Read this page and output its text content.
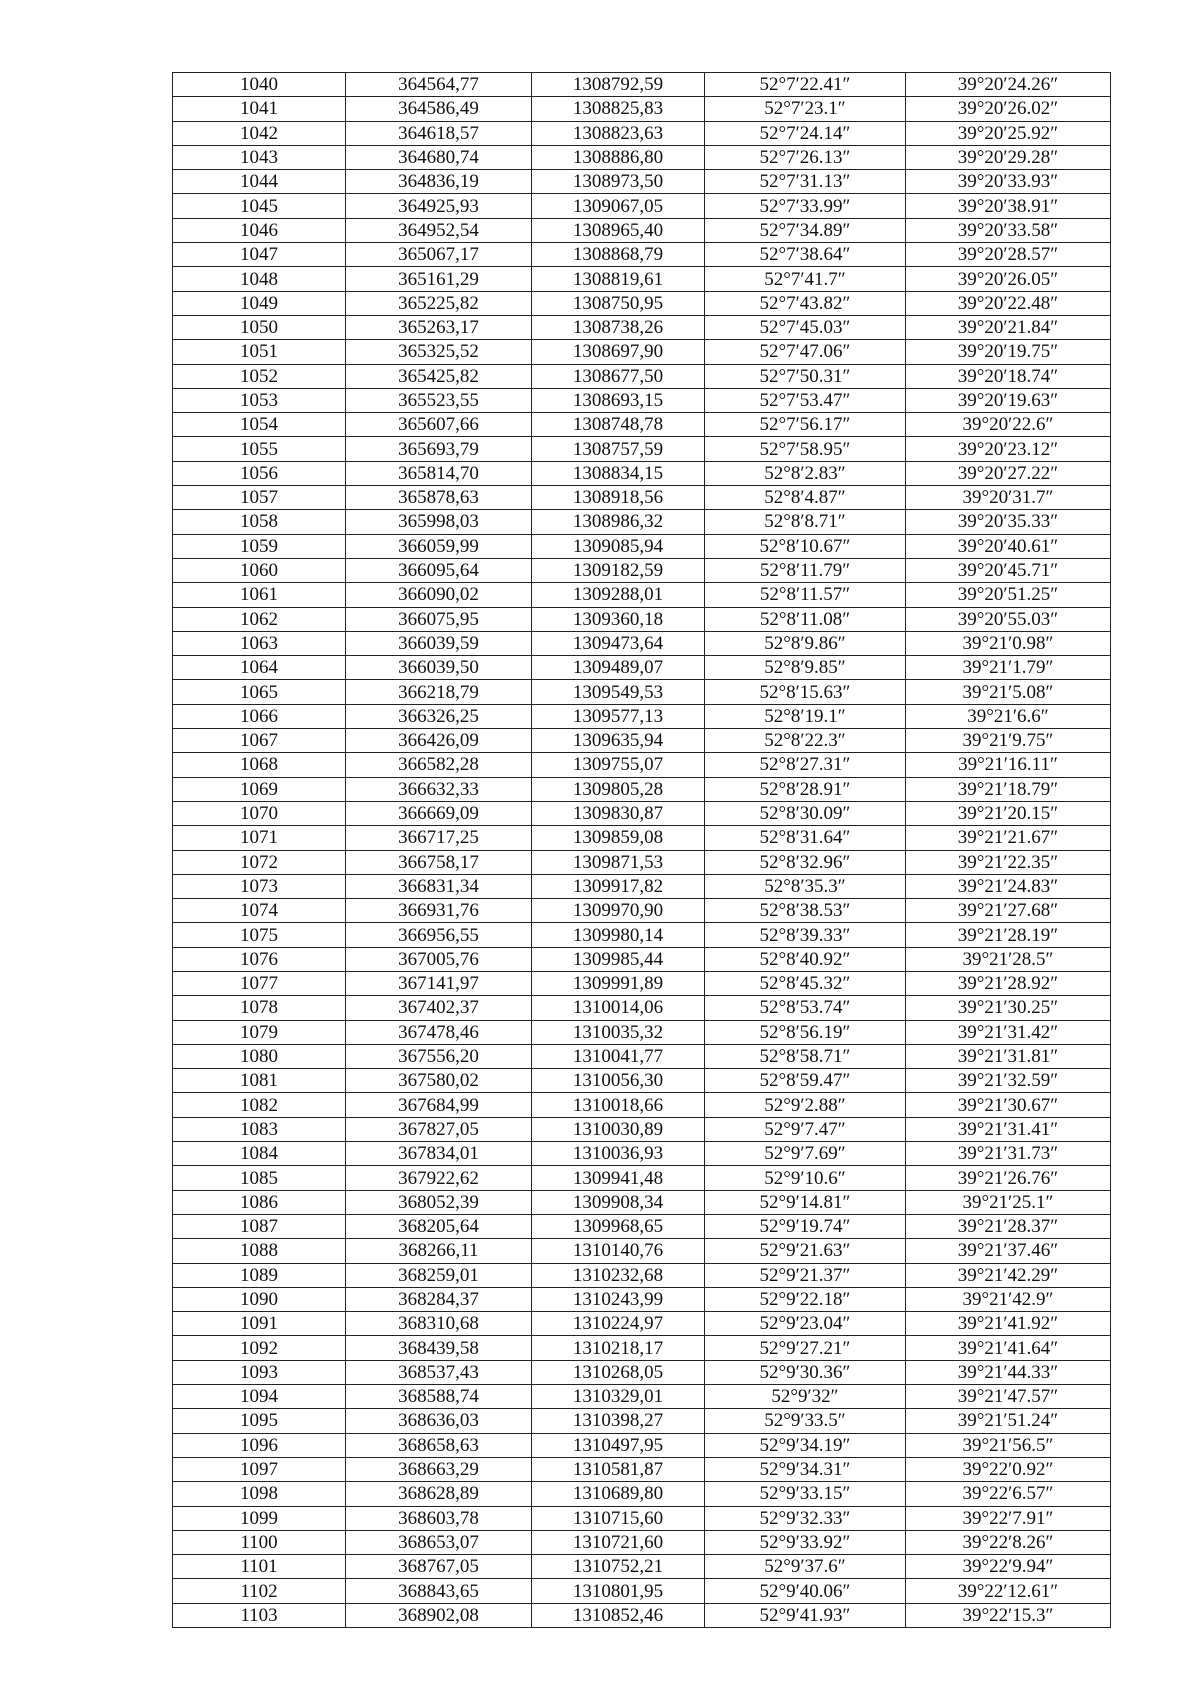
1040	364564,77	1308792,59	52°7′22.41″	39°20′24.26″
1041	364586,49	1308825,83	52°7′23.1″	39°20′26.02″
1042	364618,57	1308823,63	52°7′24.14″	39°20′25.92″
1043	364680,74	1308886,80	52°7′26.13″	39°20′29.28″
1044	364836,19	1308973,50	52°7′31.13″	39°20′33.93″
1045	364925,93	1309067,05	52°7′33.99″	39°20′38.91″
1046	364952,54	1308965,40	52°7′34.89″	39°20′33.58″
1047	365067,17	1308868,79	52°7′38.64″	39°20′28.57″
1048	365161,29	1308819,61	52°7′41.7″	39°20′26.05″
1049	365225,82	1308750,95	52°7′43.82″	39°20′22.48″
1050	365263,17	1308738,26	52°7′45.03″	39°20′21.84″
1051	365325,52	1308697,90	52°7′47.06″	39°20′19.75″
1052	365425,82	1308677,50	52°7′50.31″	39°20′18.74″
1053	365523,55	1308693,15	52°7′53.47″	39°20′19.63″
1054	365607,66	1308748,78	52°7′56.17″	39°20′22.6″
1055	365693,79	1308757,59	52°7′58.95″	39°20′23.12″
1056	365814,70	1308834,15	52°8′2.83″	39°20′27.22″
1057	365878,63	1308918,56	52°8′4.87″	39°20′31.7″
1058	365998,03	1308986,32	52°8′8.71″	39°20′35.33″
1059	366059,99	1309085,94	52°8′10.67″	39°20′40.61″
1060	366095,64	1309182,59	52°8′11.79″	39°20′45.71″
1061	366090,02	1309288,01	52°8′11.57″	39°20′51.25″
1062	366075,95	1309360,18	52°8′11.08″	39°20′55.03″
1063	366039,59	1309473,64	52°8′9.86″	39°21′0.98″
1064	366039,50	1309489,07	52°8′9.85″	39°21′1.79″
1065	366218,79	1309549,53	52°8′15.63″	39°21′5.08″
1066	366326,25	1309577,13	52°8′19.1″	39°21′6.6″
1067	366426,09	1309635,94	52°8′22.3″	39°21′9.75″
1068	366582,28	1309755,07	52°8′27.31″	39°21′16.11″
1069	366632,33	1309805,28	52°8′28.91″	39°21′18.79″
1070	366669,09	1309830,87	52°8′30.09″	39°21′20.15″
1071	366717,25	1309859,08	52°8′31.64″	39°21′21.67″
1072	366758,17	1309871,53	52°8′32.96″	39°21′22.35″
1073	366831,34	1309917,82	52°8′35.3″	39°21′24.83″
1074	366931,76	1309970,90	52°8′38.53″	39°21′27.68″
1075	366956,55	1309980,14	52°8′39.33″	39°21′28.19″
1076	367005,76	1309985,44	52°8′40.92″	39°21′28.5″
1077	367141,97	1309991,89	52°8′45.32″	39°21′28.92″
1078	367402,37	1310014,06	52°8′53.74″	39°21′30.25″
1079	367478,46	1310035,32	52°8′56.19″	39°21′31.42″
1080	367556,20	1310041,77	52°8′58.71″	39°21′31.81″
1081	367580,02	1310056,30	52°8′59.47″	39°21′32.59″
1082	367684,99	1310018,66	52°9′2.88″	39°21′30.67″
1083	367827,05	1310030,89	52°9′7.47″	39°21′31.41″
1084	367834,01	1310036,93	52°9′7.69″	39°21′31.73″
1085	367922,62	1309941,48	52°9′10.6″	39°21′26.76″
1086	368052,39	1309908,34	52°9′14.81″	39°21′25.1″
1087	368205,64	1309968,65	52°9′19.74″	39°21′28.37″
1088	368266,11	1310140,76	52°9′21.63″	39°21′37.46″
1089	368259,01	1310232,68	52°9′21.37″	39°21′42.29″
1090	368284,37	1310243,99	52°9′22.18″	39°21′42.9″
1091	368310,68	1310224,97	52°9′23.04″	39°21′41.92″
1092	368439,58	1310218,17	52°9′27.21″	39°21′41.64″
1093	368537,43	1310268,05	52°9′30.36″	39°21′44.33″
1094	368588,74	1310329,01	52°9′32″	39°21′47.57″
1095	368636,03	1310398,27	52°9′33.5″	39°21′51.24″
1096	368658,63	1310497,95	52°9′34.19″	39°21′56.5″
1097	368663,29	1310581,87	52°9′34.31″	39°22′0.92″
1098	368628,89	1310689,80	52°9′33.15″	39°22′6.57″
1099	368603,78	1310715,60	52°9′32.33″	39°22′7.91″
1100	368653,07	1310721,60	52°9′33.92″	39°22′8.26″
1101	368767,05	1310752,21	52°9′37.6″	39°22′9.94″
1102	368843,65	1310801,95	52°9′40.06″	39°22′12.61″
1103	368902,08	1310852,46	52°9′41.93″	39°22′15.3″
